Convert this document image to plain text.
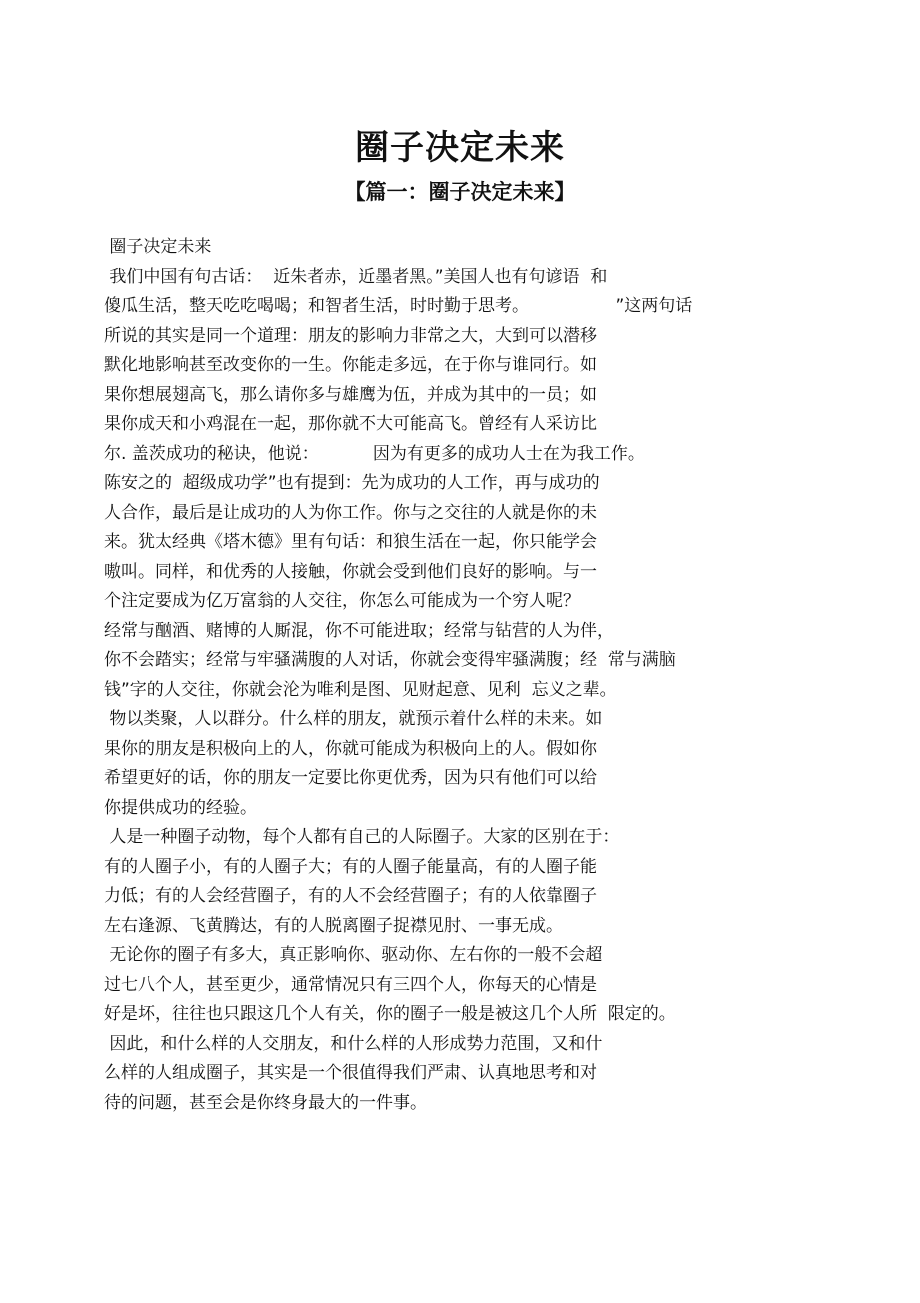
圈子决定未来
【篇一：圈子决定未来】
圈子决定未来
我们中国有句古话：  近朱者赤，近墨者黑。”美国人也有句谚语  和
傻瓜生活，整天吃吃喝喝；和智者生活，时时勤于思考。                ”这两句话
所说的其实是同一个道理：朋友的影响力非常之大，大到可以潜移
默化地影响甚至改变你的一生。你能走多远，在于你与谁同行。如
果你想展翅高飞，那么请你多与雄鹰为伍，并成为其中的一员；如
果你成天和小鸡混在一起，那你就不大可能高飞。曾经有人采访比
尔. 盖茨成功的秘诀，他说：          因为有更多的成功人士在为我工作。
陈安之的  超级成功学”也有提到：先为成功的人工作，再与成功的
人合作，最后是让成功的人为你工作。你与之交往的人就是你的未
来。犹太经典《塔木德》里有句话：和狼生活在一起，你只能学会
嗷叫。同样，和优秀的人接触，你就会受到他们良好的影响。与一
个注定要成为亿万富翁的人交往，你怎么可能成为一个穷人呢？
经常与酗酒、赌博的人厮混，你不可能进取；经常与钻营的人为伴，
你不会踏实；经常与牢骚满腹的人对话，你就会变得牢骚满腹；经  常与满脑
钱”字的人交往，你就会沦为唯利是图、见财起意、见利  忘义之辈。
物以类聚，人以群分。什么样的朋友，就预示着什么样的未来。如
果你的朋友是积极向上的人，你就可能成为积极向上的人。假如你
希望更好的话，你的朋友一定要比你更优秀，因为只有他们可以给
你提供成功的经验。
人是一种圈子动物，每个人都有自己的人际圈子。大家的区别在于：
有的人圈子小，有的人圈子大；有的人圈子能量高，有的人圈子能
力低；有的人会经营圈子，有的人不会经营圈子；有的人依靠圈子
左右逢源、飞黄腾达，有的人脱离圈子捉襟见肘、一事无成。
无论你的圈子有多大，真正影响你、驱动你、左右你的一般不会超
过七八个人，甚至更少，通常情况只有三四个人，你每天的心情是
好是坏，往往也只跟这几个人有关，你的圈子一般是被这几个人所  限定的。
因此，和什么样的人交朋友，和什么样的人形成势力范围，又和什
么样的人组成圈子，其实是一个很值得我们严肃、认真地思考和对
待的问题，甚至会是你终身最大的一件事。
